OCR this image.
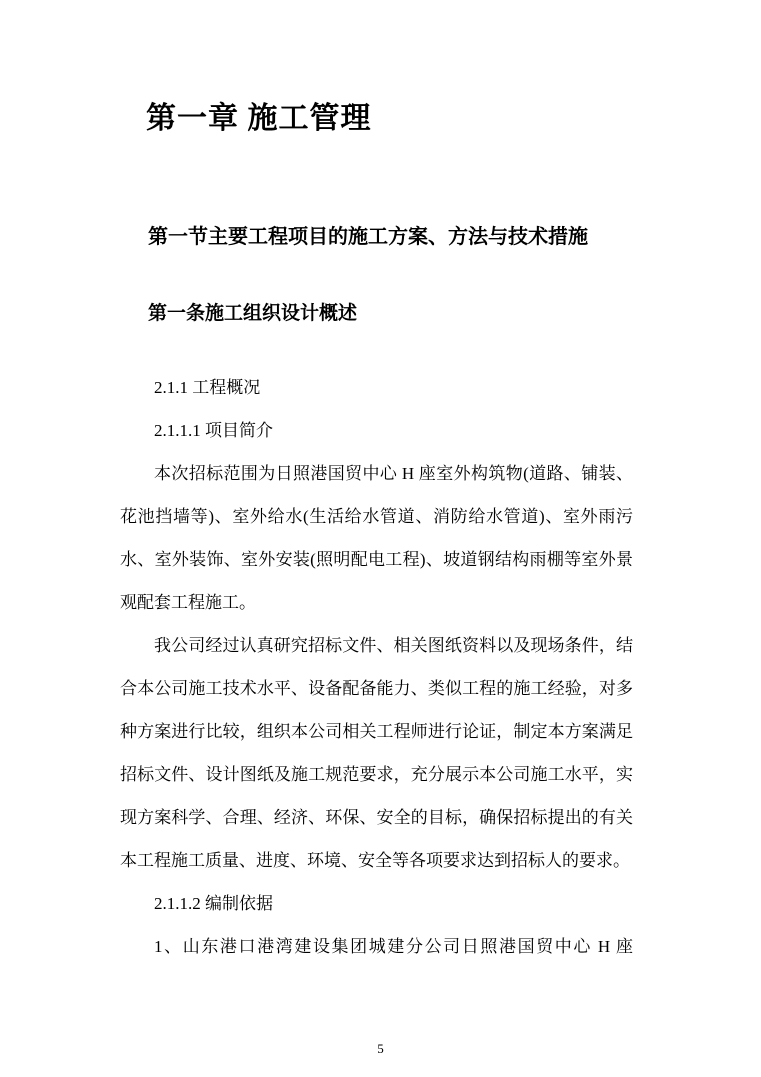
第一章 施工管理
第一节主要工程项目的施工方案、方法与技术措施
第一条施工组织设计概述

2.1.1 工程概况

2.1.1.1 项目简介

本次招标范围为日照港国贸中心 H 座室外构筑物(道路、铺装、花池挡墙等)、室外给水(生活给水管道、消防给水管道)、室外雨污水、室外装饰、室外安装(照明配电工程)、坡道钢结构雨棚等室外景观配套工程施工。

我公司经过认真研究招标文件、相关图纸资料以及现场条件，结合本公司施工技术水平、设备配备能力、类似工程的施工经验，对多种方案进行比较，组织本公司相关工程师进行论证，制定本方案满足招标文件、设计图纸及施工规范要求，充分展示本公司施工水平，实现方案科学、合理、经济、环保、安全的目标，确保招标提出的有关本工程施工质量、进度、环境、安全等各项要求达到招标人的要求。

2.1.1.2 编制依据

1、山东港口港湾建设集团城建分公司日照港国贸中心 H 座

5
